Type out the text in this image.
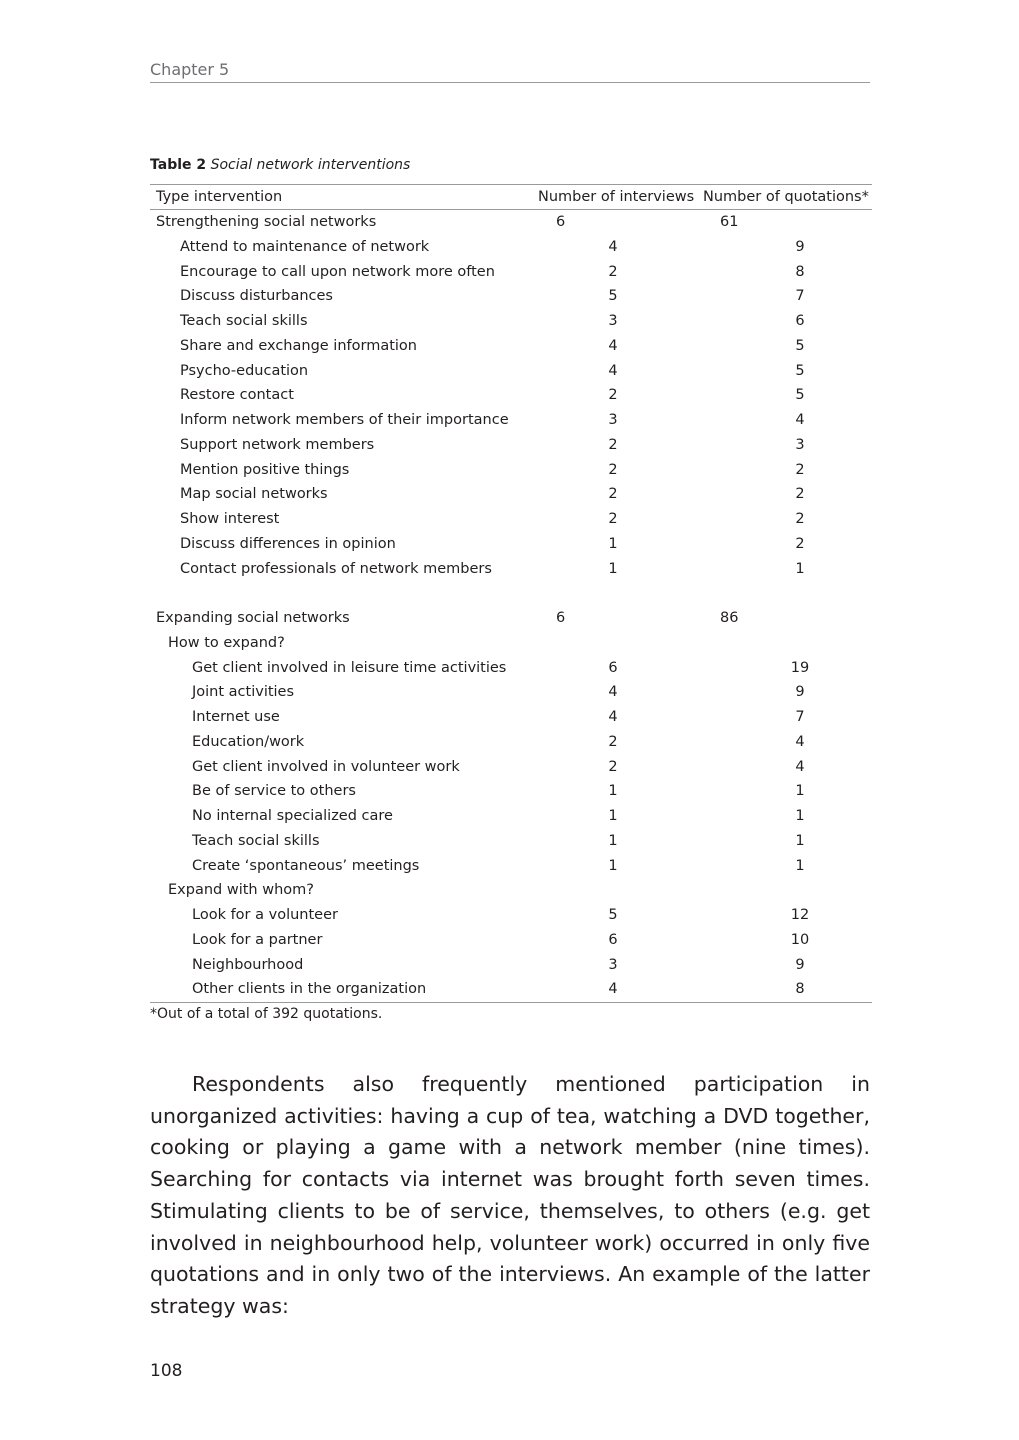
Chapter 5
Table 2 Social network interventions
Type intervention	Number of interviews Number of quotations*
Strengthening social networks	6	61
Attend to maintenance of network	4	9
Encourage to call upon network more often	2	8
Discuss disturbances	5	7
Teach social skills	3	6
Share and exchange information	4	5
Psycho-education	4	5
Restore contact	2	5
Inform network members of their importance	3	4
Support network members	2	3
Mention positive things	2	2
Map social networks	2	2
Show interest	2	2
Discuss differences in opinion	1	2
Contact professionals of network members	1	1
Expanding social networks	6	86
How to expand?
Get client involved in leisure time activities	6	19
Joint activities	4	9
Internet use	4	7
Education/work	2	4
Get client involved in volunteer work	2	4
Be of service to others	1	1
No internal specialized care	1	1
Teach social skills	1	1
Create ‘spontaneous’ meetings	1	1
Expand with whom?
Look for a volunteer	5	12
Look for a partner	6	10
Neighbourhood	3	9
Other clients in the organization	4	8
*Out of a total of 392 quotations.
Respondents also frequently mentioned participation in unorganized activities: having a cup of tea, watching a DVD together, cooking or playing a game with a network member (nine times). Searching for contacts via internet was brought forth seven times. Stimulating clients to be of service, themselves, to others (e.g. get involved in neighbourhood help, volunteer work) occurred in only five quotations and in only two of the interviews. An example of the latter strategy was:
108
